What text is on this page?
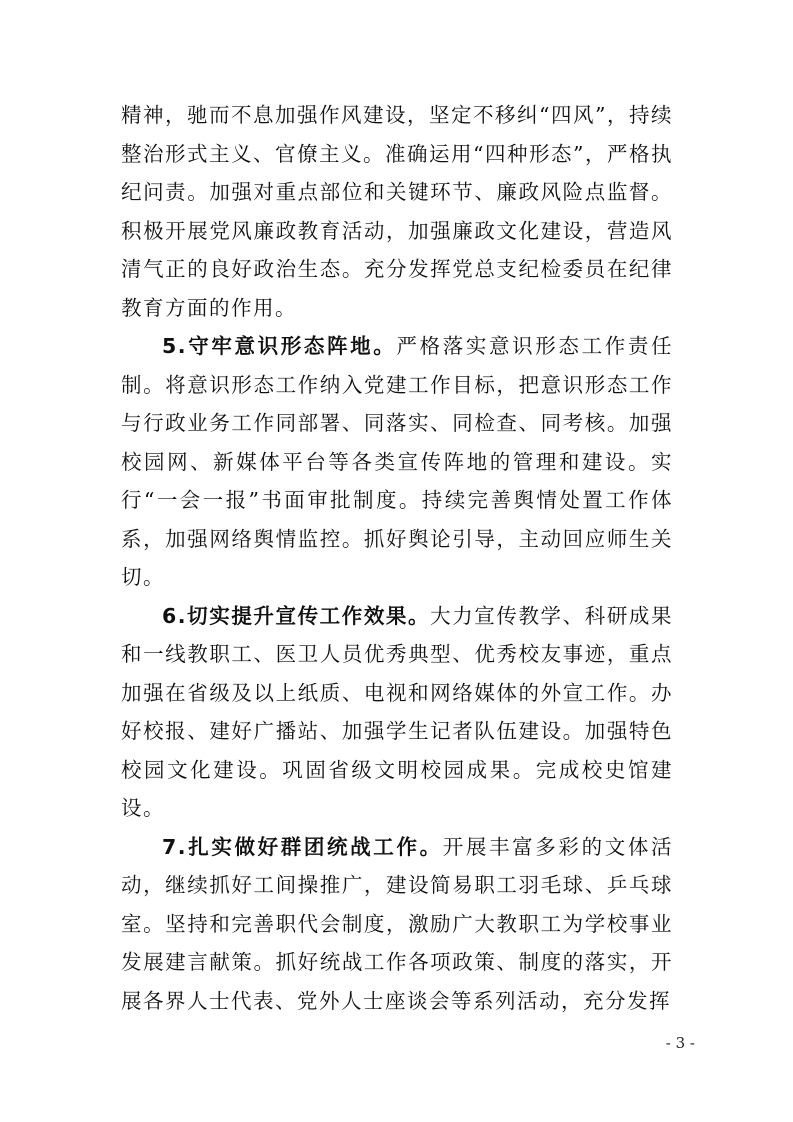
精神，驰而不息加强作风建设，坚定不移纠“四风”，持续整治形式主义、官僚主义。准确运用“四种形态”，严格执纪问责。加强对重点部位和关键环节、廉政风险点监督。积极开展党风廉政教育活动，加强廉政文化建设，营造风清气正的良好政治生态。充分发挥党总支纪检委员在纪律教育方面的作用。

5.守牢意识形态阵地。严格落实意识形态工作责任制。将意识形态工作纳入党建工作目标，把意识形态工作与行政业务工作同部署、同落实、同检查、同考核。加强校园网、新媒体平台等各类宣传阵地的管理和建设。实行“一会一报”书面审批制度。持续完善舆情处置工作体系，加强网络舆情监控。抓好舆论引导，主动回应师生关切。

6.切实提升宣传工作效果。大力宣传教学、科研成果和一线教职工、医卫人员优秀典型、优秀校友事迹，重点加强在省级及以上纸质、电视和网络媒体的外宣工作。办好校报、建好广播站、加强学生记者队伍建设。加强特色校园文化建设。巩固省级文明校园成果。完成校史馆建设。

7.扎实做好群团统战工作。开展丰富多彩的文体活动，继续抓好工间操推广，建设简易职工羽毛球、乒乓球室。坚持和完善职代会制度，激励广大教职工为学校事业发展建言献策。抓好统战工作各项政策、制度的落实，开展各界人士代表、党外人士座谈会等系列活动，充分发挥

- 3 -
